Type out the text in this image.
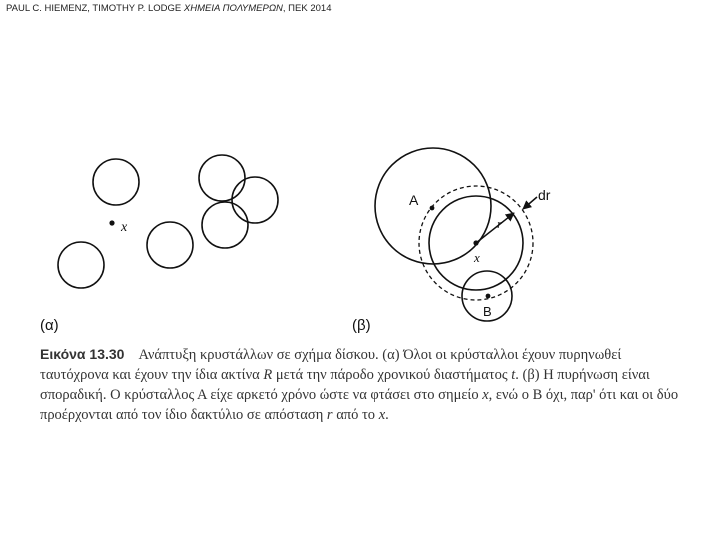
PAUL C. HIEMENZ, TIMOTHY P. LODGE ΧΗΜΕΙΑ ΠΟΛΥΜΕΡΩΝ, ΠΕΚ 2014
x
(α)
A	dr
r
x
B
(β)
Εικόνα 13.30 Ανάπτυξη κρυστάλλων σε σχήμα δίσκου. (α) Όλοι οι κρύσταλλοι έχουν πυρηνωθεί ταυτόχρονα και έχουν την ίδια ακτίνα R μετά την πάροδο χρονικού διαστήματος t. (β) Η πυρήνωση είναι σποραδική. Ο κρύσταλλος Α είχε αρκετό χρόνο ώστε να φτάσει στο σημείο x, ενώ ο Β όχι, παρ' ότι και οι δύο προέρχονται από τον ίδιο δακτύλιο σε απόσταση r από το x.
